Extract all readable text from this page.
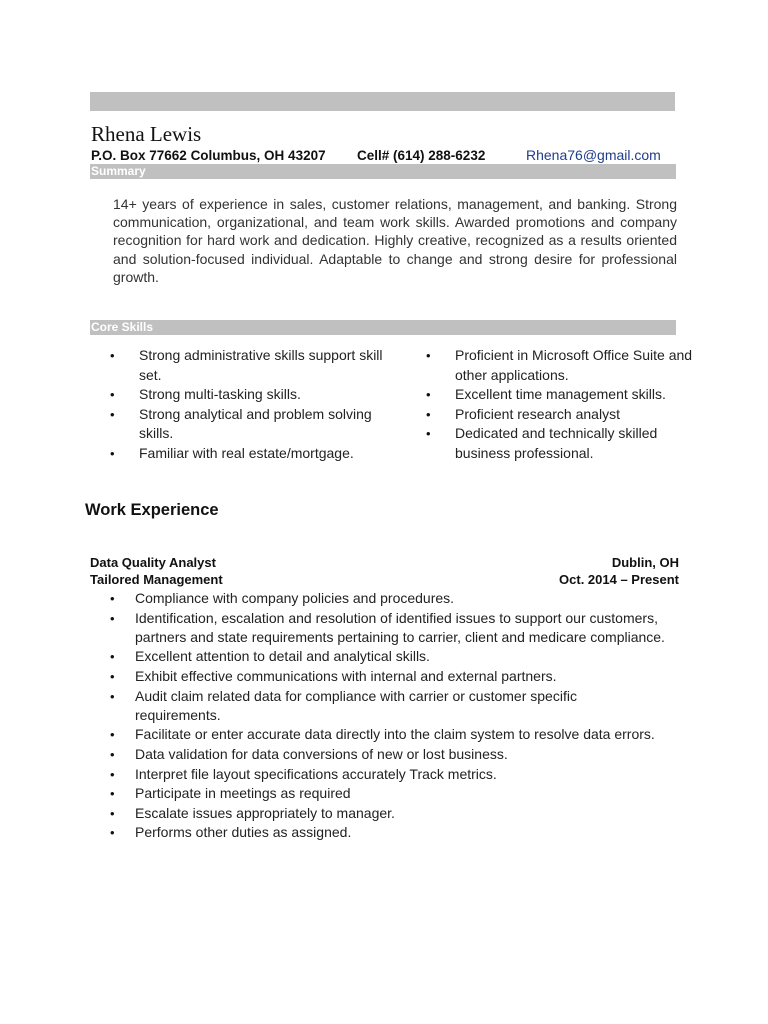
Rhena Lewis
P.O. Box 77662 Columbus, OH 43207 Cell# (614) 288-6232	Rhena76@gmail.com
Summary
14+ years of experience in sales, customer relations, management, and banking. Strong communication, organizational, and team work skills. Awarded promotions and company recognition for hard work and dedication. Highly creative, recognized as a results oriented and solution-focused individual. Adaptable to change and strong desire for professional growth.
Core Skills
• Strong administrative skills support skill set.
• Strong multi-tasking skills.
• Strong analytical and problem solving skills.
• Familiar with real estate/mortgage.
• Proficient in Microsoft Office Suite and other applications.
• Excellent time management skills.
• Proficient research analyst
• Dedicated and technically skilled business professional.
Work Experience
Data Quality Analyst
Tailored Management
Dublin, OH
Oct. 2014 – Present
• Compliance with company policies and procedures.
• Identification, escalation and resolution of identified issues to support our customers, partners and state requirements pertaining to carrier, client and medicare compliance.
• Excellent attention to detail and analytical skills.
• Exhibit effective communications with internal and external partners.
• Audit claim related data for compliance with carrier or customer specific requirements.
• Facilitate or enter accurate data directly into the claim system to resolve data errors.
• Data validation for data conversions of new or lost business.
• Interpret file layout specifications accurately Track metrics.
• Participate in meetings as required
• Escalate issues appropriately to manager.
• Performs other duties as assigned.
